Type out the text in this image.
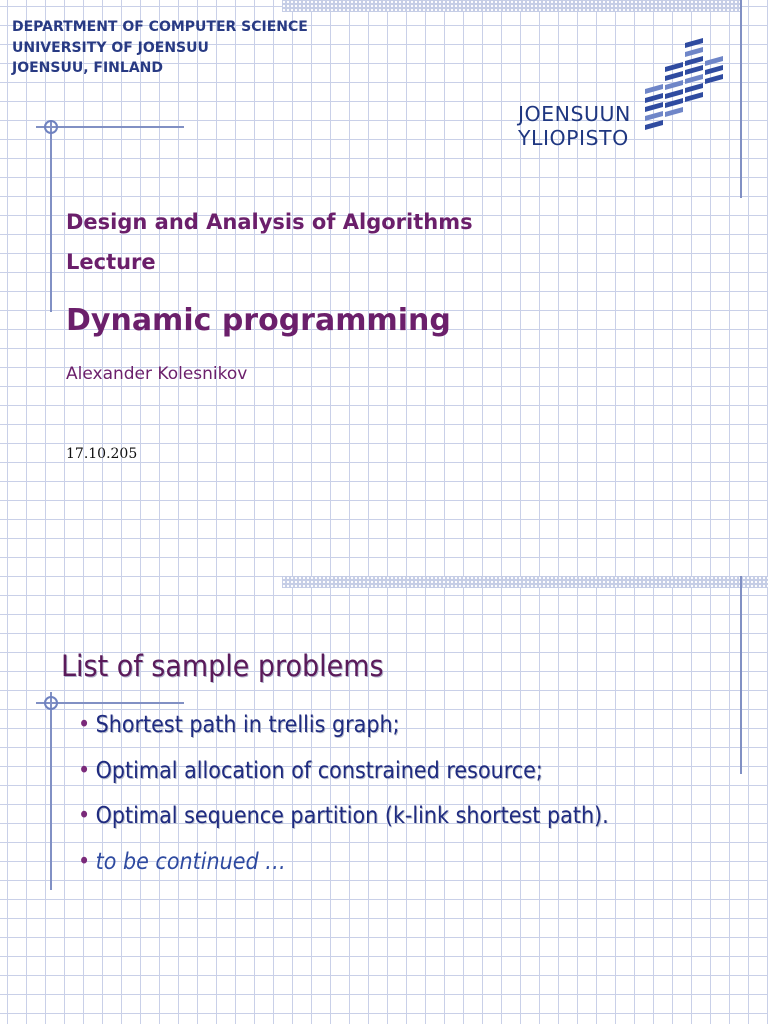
DEPARTMENT OF COMPUTER SCIENCE
UNIVERSITY OF JOENSUU
JOENSUU, FINLAND
JOENSUUN
YLIOPISTO
Design and Analysis of Algorithms
Lecture
Dynamic programming
Alexander Kolesnikov
17.10.205
List of sample problems
• Shortest path in trellis graph;
• Optimal allocation of constrained resource;
• Optimal sequence partition (k-link shortest path).
• to be continued …
